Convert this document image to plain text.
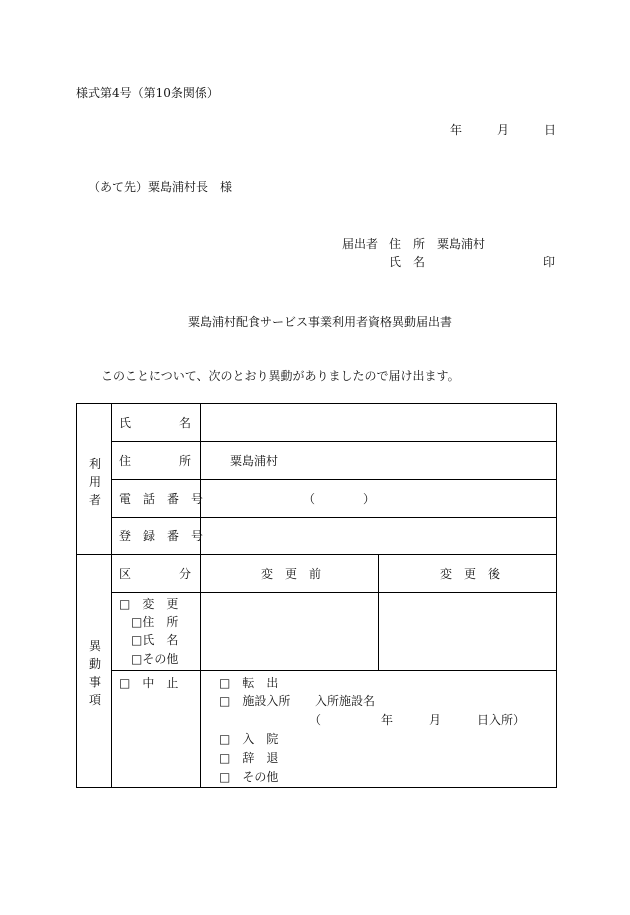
様式第4号（第10条関係）
年	月	日
（あて先） 粟島浦村長　様
届出者 住　所 粟島浦村
氏　名	印
粟島浦村配食サービス事業利用者資格異動届出書
このことについて、次のとおり異動がありましたので届け出ます。
利
用
者
氏　　　　名
住　　　　所	粟島浦村
電　話　番　号	（　　　　）
登　録　番　号
異
動
事
項
区　　　　分	変　更　前	変　更　後
□　変　更
□住　所
□氏　名
□その他
□　中　止	□　転　出
□　施設入所 入所施設名
（　　　　　年　　　月　　　日入所）
□　入　院
□　辞　退
□　その他
